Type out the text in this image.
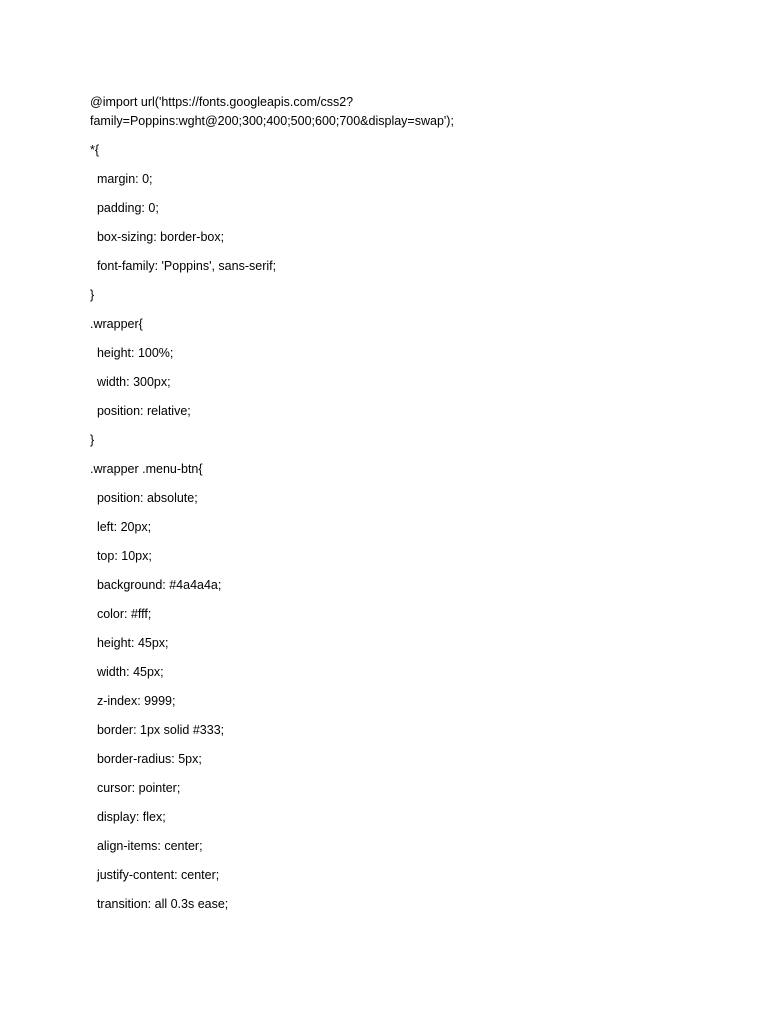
@import url('https://fonts.googleapis.com/css2?
family=Poppins:wght@200;300;400;500;600;700&display=swap');
*{
margin: 0;
padding: 0;
box-sizing: border-box;
font-family: 'Poppins', sans-serif;
}
.wrapper{
height: 100%;
width: 300px;
position: relative;
}
.wrapper .menu-btn{
position: absolute;
left: 20px;
top: 10px;
background: #4a4a4a;
color: #fff;
height: 45px;
width: 45px;
z-index: 9999;
border: 1px solid #333;
border-radius: 5px;
cursor: pointer;
display: flex;
align-items: center;
justify-content: center;
transition: all 0.3s ease;
